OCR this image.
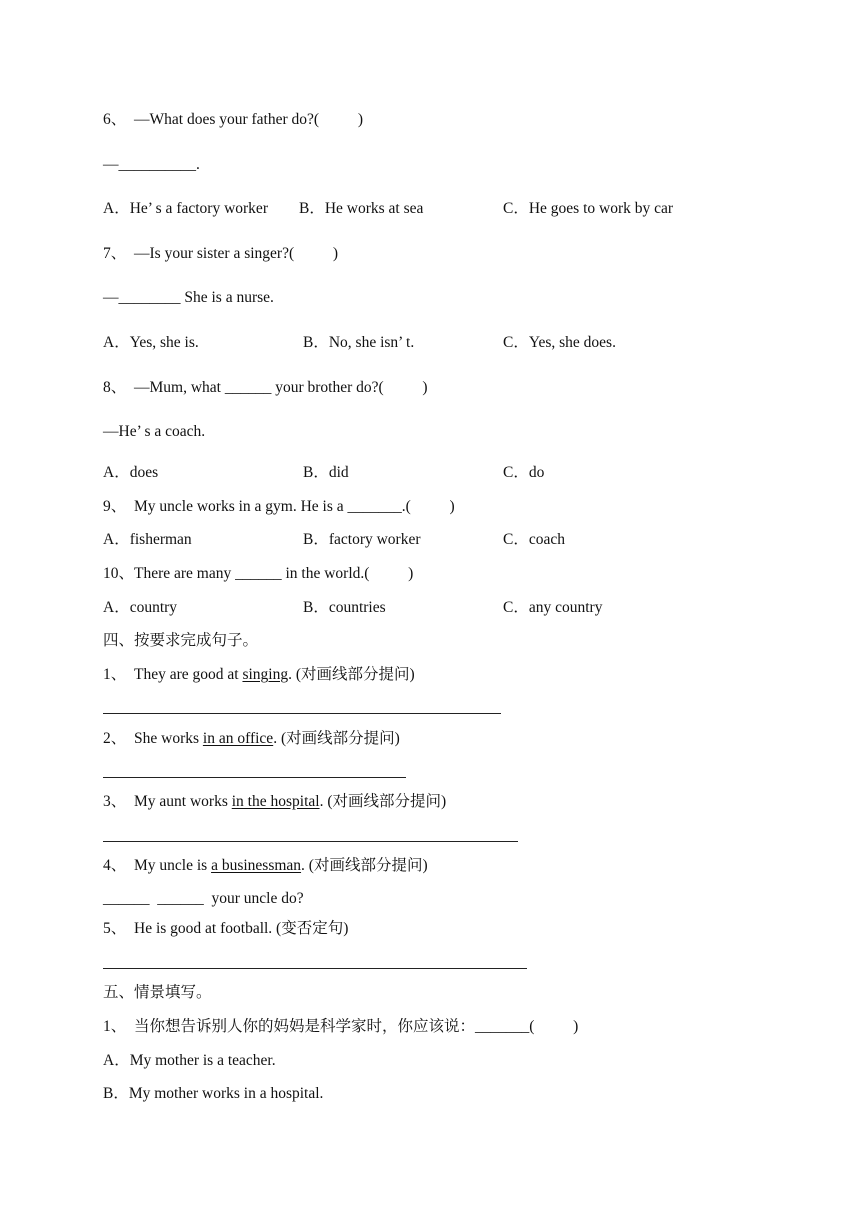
6、  —What does your father do?(          )
—__________.
A．He’ s a factory worker B．He works at sea	C．He goes to work by car
7、  —Is your sister a singer?(          )
—________ She is a nurse.
A．Yes, she is.	B．No, she isn’ t.	C．Yes, she does.
8、  —Mum, what ______ your brother do?(          )
—He’ s a coach.
A．does	B．did	C．do
9、  My uncle works in a gym. He is a _______.(          )
A．fisherman	B．factory worker	C．coach
10、There are many ______ in the world.(          )
A．country	B．countries	C．any country
四、按要求完成句子。
1、  They are good at singing. (对画线部分提问)
2、  She works in an office. (对画线部分提问)
3、  My aunt works in the hospital. (对画线部分提问)
4、  My uncle is a businessman. (对画线部分提问)
______  ______  your uncle do?
5、  He is good at football. (变否定句)
五、情景填写。
1、  当你想告诉别人你的妈妈是科学家时，你应该说：_______(          )
A．My mother is a teacher.
B．My mother works in a hospital.
